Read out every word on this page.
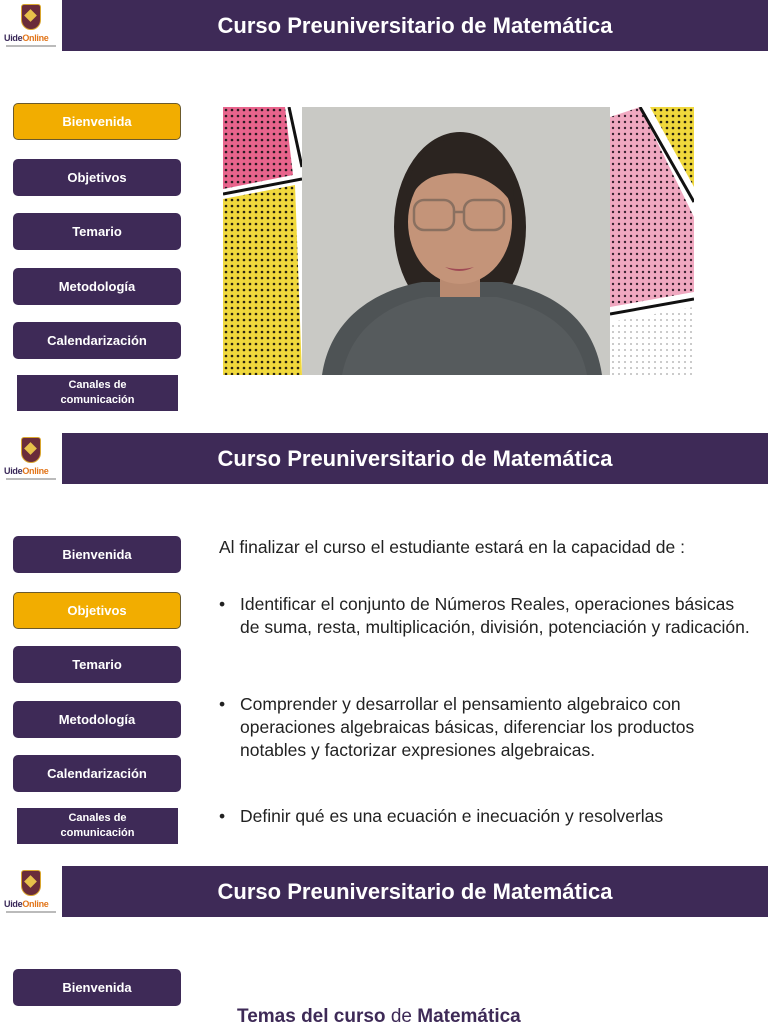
UideOnline
Curso Preuniversitario de Matemática
Bienvenida
Objetivos
Temario
Metodología
Calendarización
Canales de
comunicación
UideOnline
Curso Preuniversitario de Matemática
Bienvenida
Objetivos
Temario
Metodología
Calendarización
Canales de
comunicación
Al finalizar el curso el estudiante estará en la capacidad de :
• Identificar el conjunto de Números Reales, operaciones básicas de suma, resta, multiplicación, división, potenciación y radicación.
• Comprender y desarrollar el pensamiento algebraico con operaciones algebraicas básicas, diferenciar los productos notables y factorizar expresiones algebraicas.
• Definir qué es una ecuación e inecuación y resolverlas
UideOnline
Curso Preuniversitario de Matemática
Bienvenida
Temas del curso de Matemática
